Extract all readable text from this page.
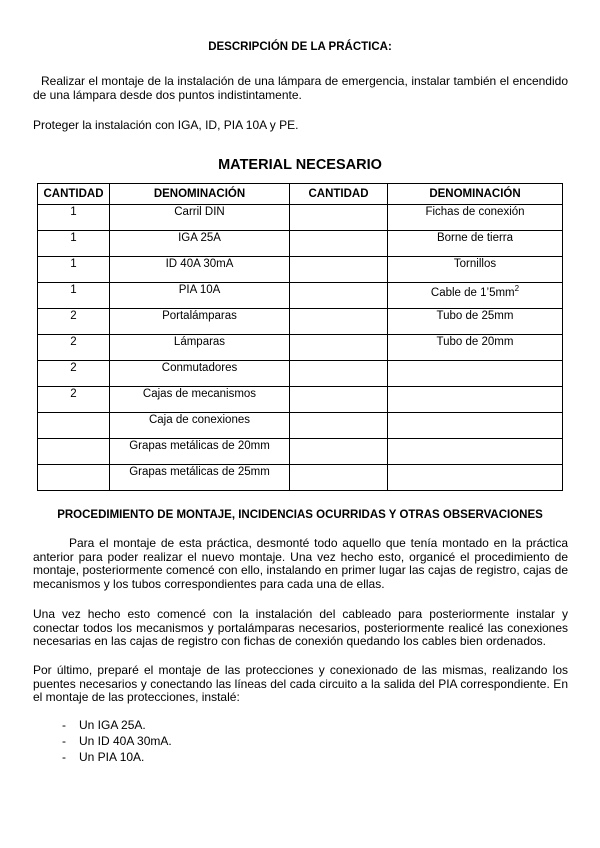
DESCRIPCIÓN DE LA PRÁCTICA:
Realizar el montaje de la instalación de una lámpara de emergencia, instalar también el encendido de una lámpara desde dos puntos indistintamente.
Proteger la instalación con IGA, ID, PIA 10A y PE.
MATERIAL NECESARIO
CANTIDAD	DENOMINACIÓN	CANTIDAD	DENOMINACIÓN
1	Carril DIN		Fichas de conexión
1	IGA 25A		Borne de tierra
1	ID 40A 30mA		Tornillos
1	PIA 10A		Cable de $1’5mm^2$
2	Portalámparas		Tubo de 25mm
2	Lámparas		Tubo de 20mm
2	Conmutadores		
2	Cajas de mecanismos		
	Caja de conexiones		
	Grapas metálicas de 20mm		
	Grapas metálicas de 25mm		
PROCEDIMIENTO DE MONTAJE, INCIDENCIAS OCURRIDAS Y OTRAS OBSERVACIONES
Para el montaje de esta práctica, desmonté todo aquello que tenía montado en la práctica anterior para poder realizar el nuevo montaje. Una vez hecho esto, organicé el procedimiento de montaje, posteriormente comencé con ello, instalando en primer lugar las cajas de registro, cajas de mecanismos y los tubos correspondientes para cada una de ellas.
Una vez hecho esto comencé con la instalación del cableado para posteriormente instalar y conectar todos los mecanismos y portalámparas necesarios, posteriormente realicé las conexiones necesarias en las cajas de registro con fichas de conexión quedando los cables bien ordenados.
Por último, preparé el montaje de las protecciones y conexionado de las mismas, realizando los puentes necesarios y conectando las líneas del cada circuito a la salida del PIA correspondiente. En el montaje de las protecciones, instalé:
- Un IGA 25A.
- Un ID 40A 30mA.
- Un PIA 10A.
